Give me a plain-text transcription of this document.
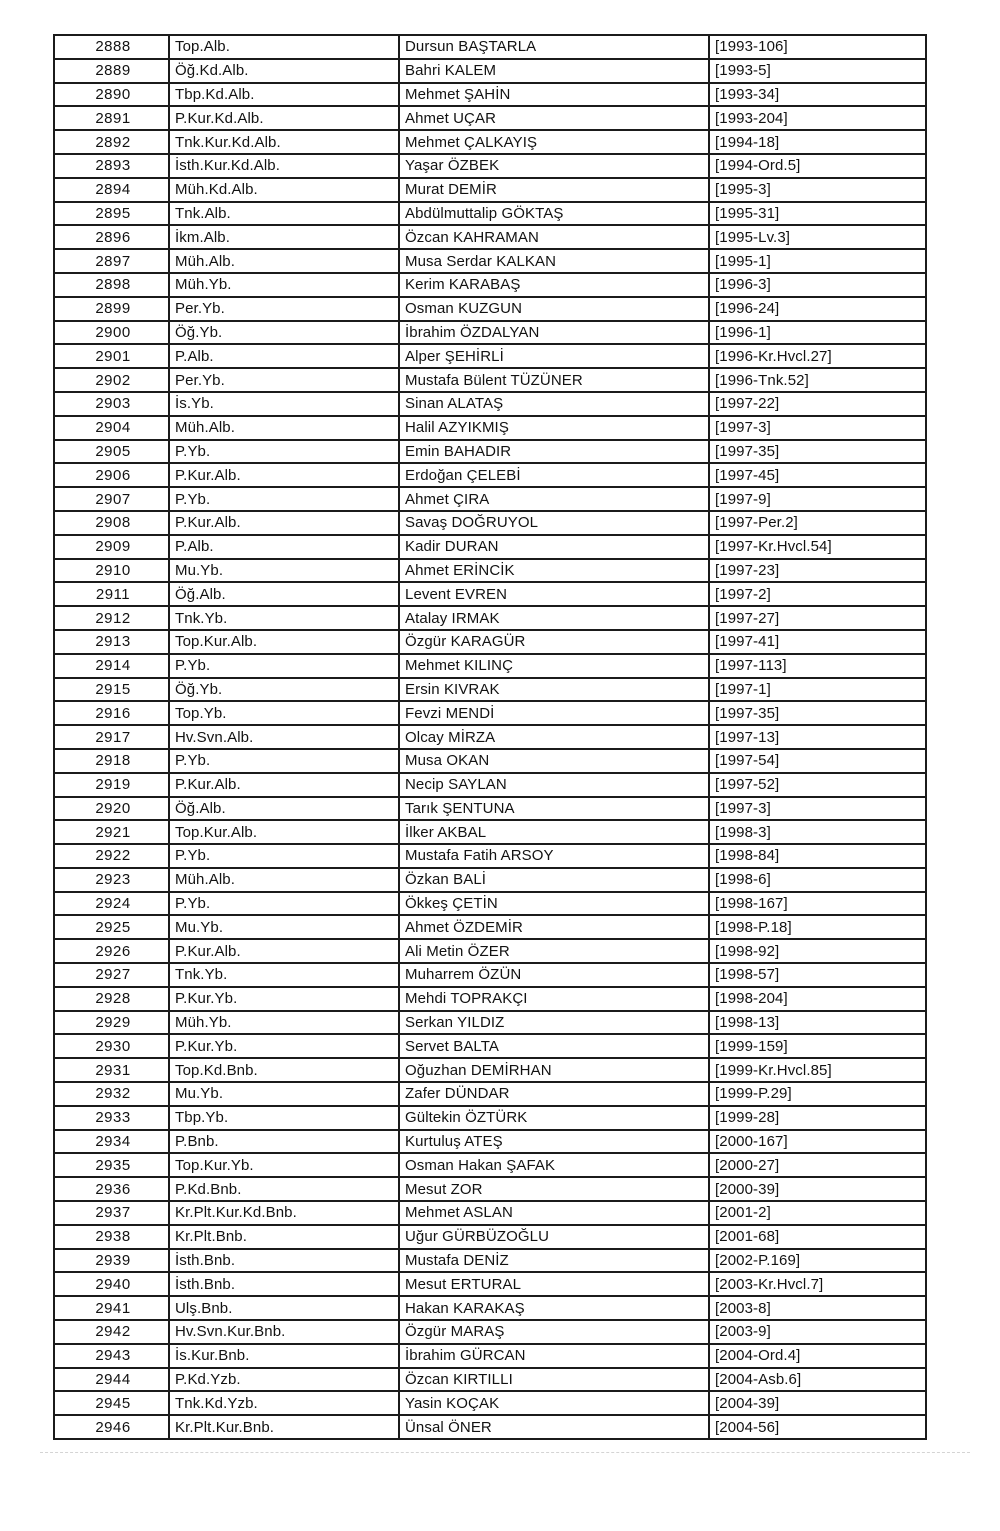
2888	Top.Alb.	Dursun BAŞTARLA	[1993-106]
2889	Öğ.Kd.Alb.	Bahri KALEM	[1993-5]
2890	Tbp.Kd.Alb.	Mehmet ŞAHİN	[1993-34]
2891	P.Kur.Kd.Alb.	Ahmet UÇAR	[1993-204]
2892	Tnk.Kur.Kd.Alb.	Mehmet ÇALKAYIŞ	[1994-18]
2893	İsth.Kur.Kd.Alb.	Yaşar ÖZBEK	[1994-Ord.5]
2894	Müh.Kd.Alb.	Murat DEMİR	[1995-3]
2895	Tnk.Alb.	Abdülmuttalip GÖKTAŞ	[1995-31]
2896	İkm.Alb.	Özcan KAHRAMAN	[1995-Lv.3]
2897	Müh.Alb.	Musa Serdar KALKAN	[1995-1]
2898	Müh.Yb.	Kerim KARABAŞ	[1996-3]
2899	Per.Yb.	Osman KUZGUN	[1996-24]
2900	Öğ.Yb.	İbrahim ÖZDALYAN	[1996-1]
2901	P.Alb.	Alper ŞEHİRLİ	[1996-Kr.Hvcl.27]
2902	Per.Yb.	Mustafa Bülent TÜZÜNER	[1996-Tnk.52]
2903	İs.Yb.	Sinan ALATAŞ	[1997-22]
2904	Müh.Alb.	Halil AZYIKMIŞ	[1997-3]
2905	P.Yb.	Emin BAHADIR	[1997-35]
2906	P.Kur.Alb.	Erdoğan ÇELEBİ	[1997-45]
2907	P.Yb.	Ahmet ÇIRA	[1997-9]
2908	P.Kur.Alb.	Savaş DOĞRUYOL	[1997-Per.2]
2909	P.Alb.	Kadir DURAN	[1997-Kr.Hvcl.54]
2910	Mu.Yb.	Ahmet ERİNCİK	[1997-23]
2911	Öğ.Alb.	Levent EVREN	[1997-2]
2912	Tnk.Yb.	Atalay IRMAK	[1997-27]
2913	Top.Kur.Alb.	Özgür KARAGÜR	[1997-41]
2914	P.Yb.	Mehmet KILINÇ	[1997-113]
2915	Öğ.Yb.	Ersin KIVRAK	[1997-1]
2916	Top.Yb.	Fevzi MENDİ	[1997-35]
2917	Hv.Svn.Alb.	Olcay MİRZA	[1997-13]
2918	P.Yb.	Musa OKAN	[1997-54]
2919	P.Kur.Alb.	Necip SAYLAN	[1997-52]
2920	Öğ.Alb.	Tarık ŞENTUNA	[1997-3]
2921	Top.Kur.Alb.	İlker AKBAL	[1998-3]
2922	P.Yb.	Mustafa Fatih ARSOY	[1998-84]
2923	Müh.Alb.	Özkan BALİ	[1998-6]
2924	P.Yb.	Ökkeş ÇETİN	[1998-167]
2925	Mu.Yb.	Ahmet ÖZDEMİR	[1998-P.18]
2926	P.Kur.Alb.	Ali Metin ÖZER	[1998-92]
2927	Tnk.Yb.	Muharrem ÖZÜN	[1998-57]
2928	P.Kur.Yb.	Mehdi TOPRAKÇI	[1998-204]
2929	Müh.Yb.	Serkan YILDIZ	[1998-13]
2930	P.Kur.Yb.	Servet BALTA	[1999-159]
2931	Top.Kd.Bnb.	Oğuzhan DEMİRHAN	[1999-Kr.Hvcl.85]
2932	Mu.Yb.	Zafer DÜNDAR	[1999-P.29]
2933	Tbp.Yb.	Gültekin ÖZTÜRK	[1999-28]
2934	P.Bnb.	Kurtuluş ATEŞ	[2000-167]
2935	Top.Kur.Yb.	Osman Hakan ŞAFAK	[2000-27]
2936	P.Kd.Bnb.	Mesut ZOR	[2000-39]
2937	Kr.Plt.Kur.Kd.Bnb.	Mehmet ASLAN	[2001-2]
2938	Kr.Plt.Bnb.	Uğur GÜRBÜZOĞLU	[2001-68]
2939	İsth.Bnb.	Mustafa DENİZ	[2002-P.169]
2940	İsth.Bnb.	Mesut ERTURAL	[2003-Kr.Hvcl.7]
2941	Ulş.Bnb.	Hakan KARAKAŞ	[2003-8]
2942	Hv.Svn.Kur.Bnb.	Özgür MARAŞ	[2003-9]
2943	İs.Kur.Bnb.	İbrahim GÜRCAN	[2004-Ord.4]
2944	P.Kd.Yzb.	Özcan KIRTILLI	[2004-Asb.6]
2945	Tnk.Kd.Yzb.	Yasin KOÇAK	[2004-39]
2946	Kr.Plt.Kur.Bnb.	Ünsal ÖNER	[2004-56]
